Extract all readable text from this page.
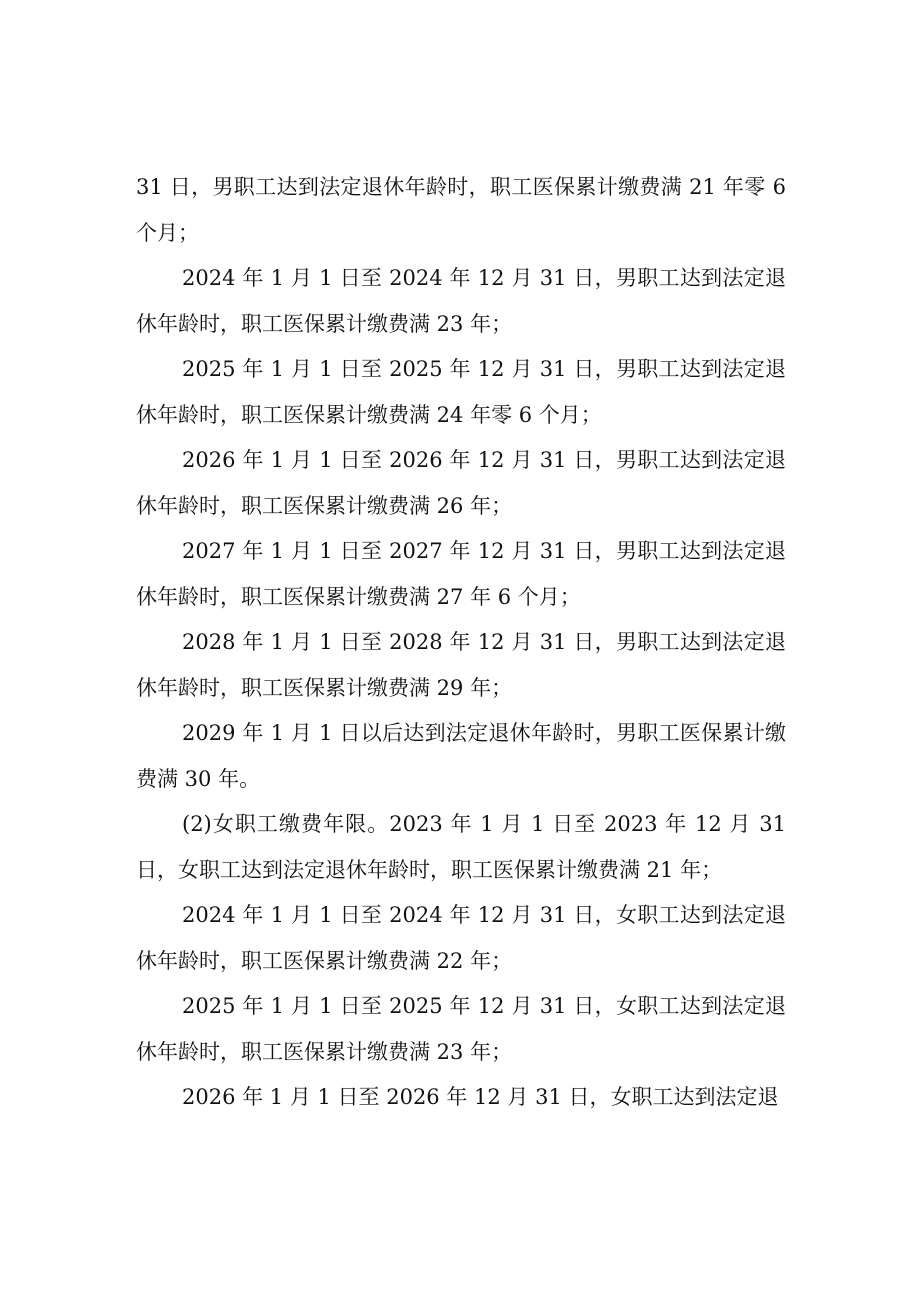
31 日，男职工达到法定退休年龄时，职工医保累计缴费满 21 年零 6 个月；

2024 年 1 月 1 日至 2024 年 12 月 31 日，男职工达到法定退休年龄时，职工医保累计缴费满 23 年；

2025 年 1 月 1 日至 2025 年 12 月 31 日，男职工达到法定退休年龄时，职工医保累计缴费满 24 年零 6 个月；

2026 年 1 月 1 日至 2026 年 12 月 31 日，男职工达到法定退休年龄时，职工医保累计缴费满 26 年；

2027 年 1 月 1 日至 2027 年 12 月 31 日，男职工达到法定退休年龄时，职工医保累计缴费满 27 年 6 个月；

2028 年 1 月 1 日至 2028 年 12 月 31 日，男职工达到法定退休年龄时，职工医保累计缴费满 29 年；

2029 年 1 月 1 日以后达到法定退休年龄时，男职工医保累计缴费满 30 年。

(2)女职工缴费年限。2023 年 1 月 1 日至 2023 年 12 月 31 日，女职工达到法定退休年龄时，职工医保累计缴费满 21 年；

2024 年 1 月 1 日至 2024 年 12 月 31 日，女职工达到法定退休年龄时，职工医保累计缴费满 22 年；

2025 年 1 月 1 日至 2025 年 12 月 31 日，女职工达到法定退休年龄时，职工医保累计缴费满 23 年；

2026 年 1 月 1 日至 2026 年 12 月 31 日，女职工达到法定退
